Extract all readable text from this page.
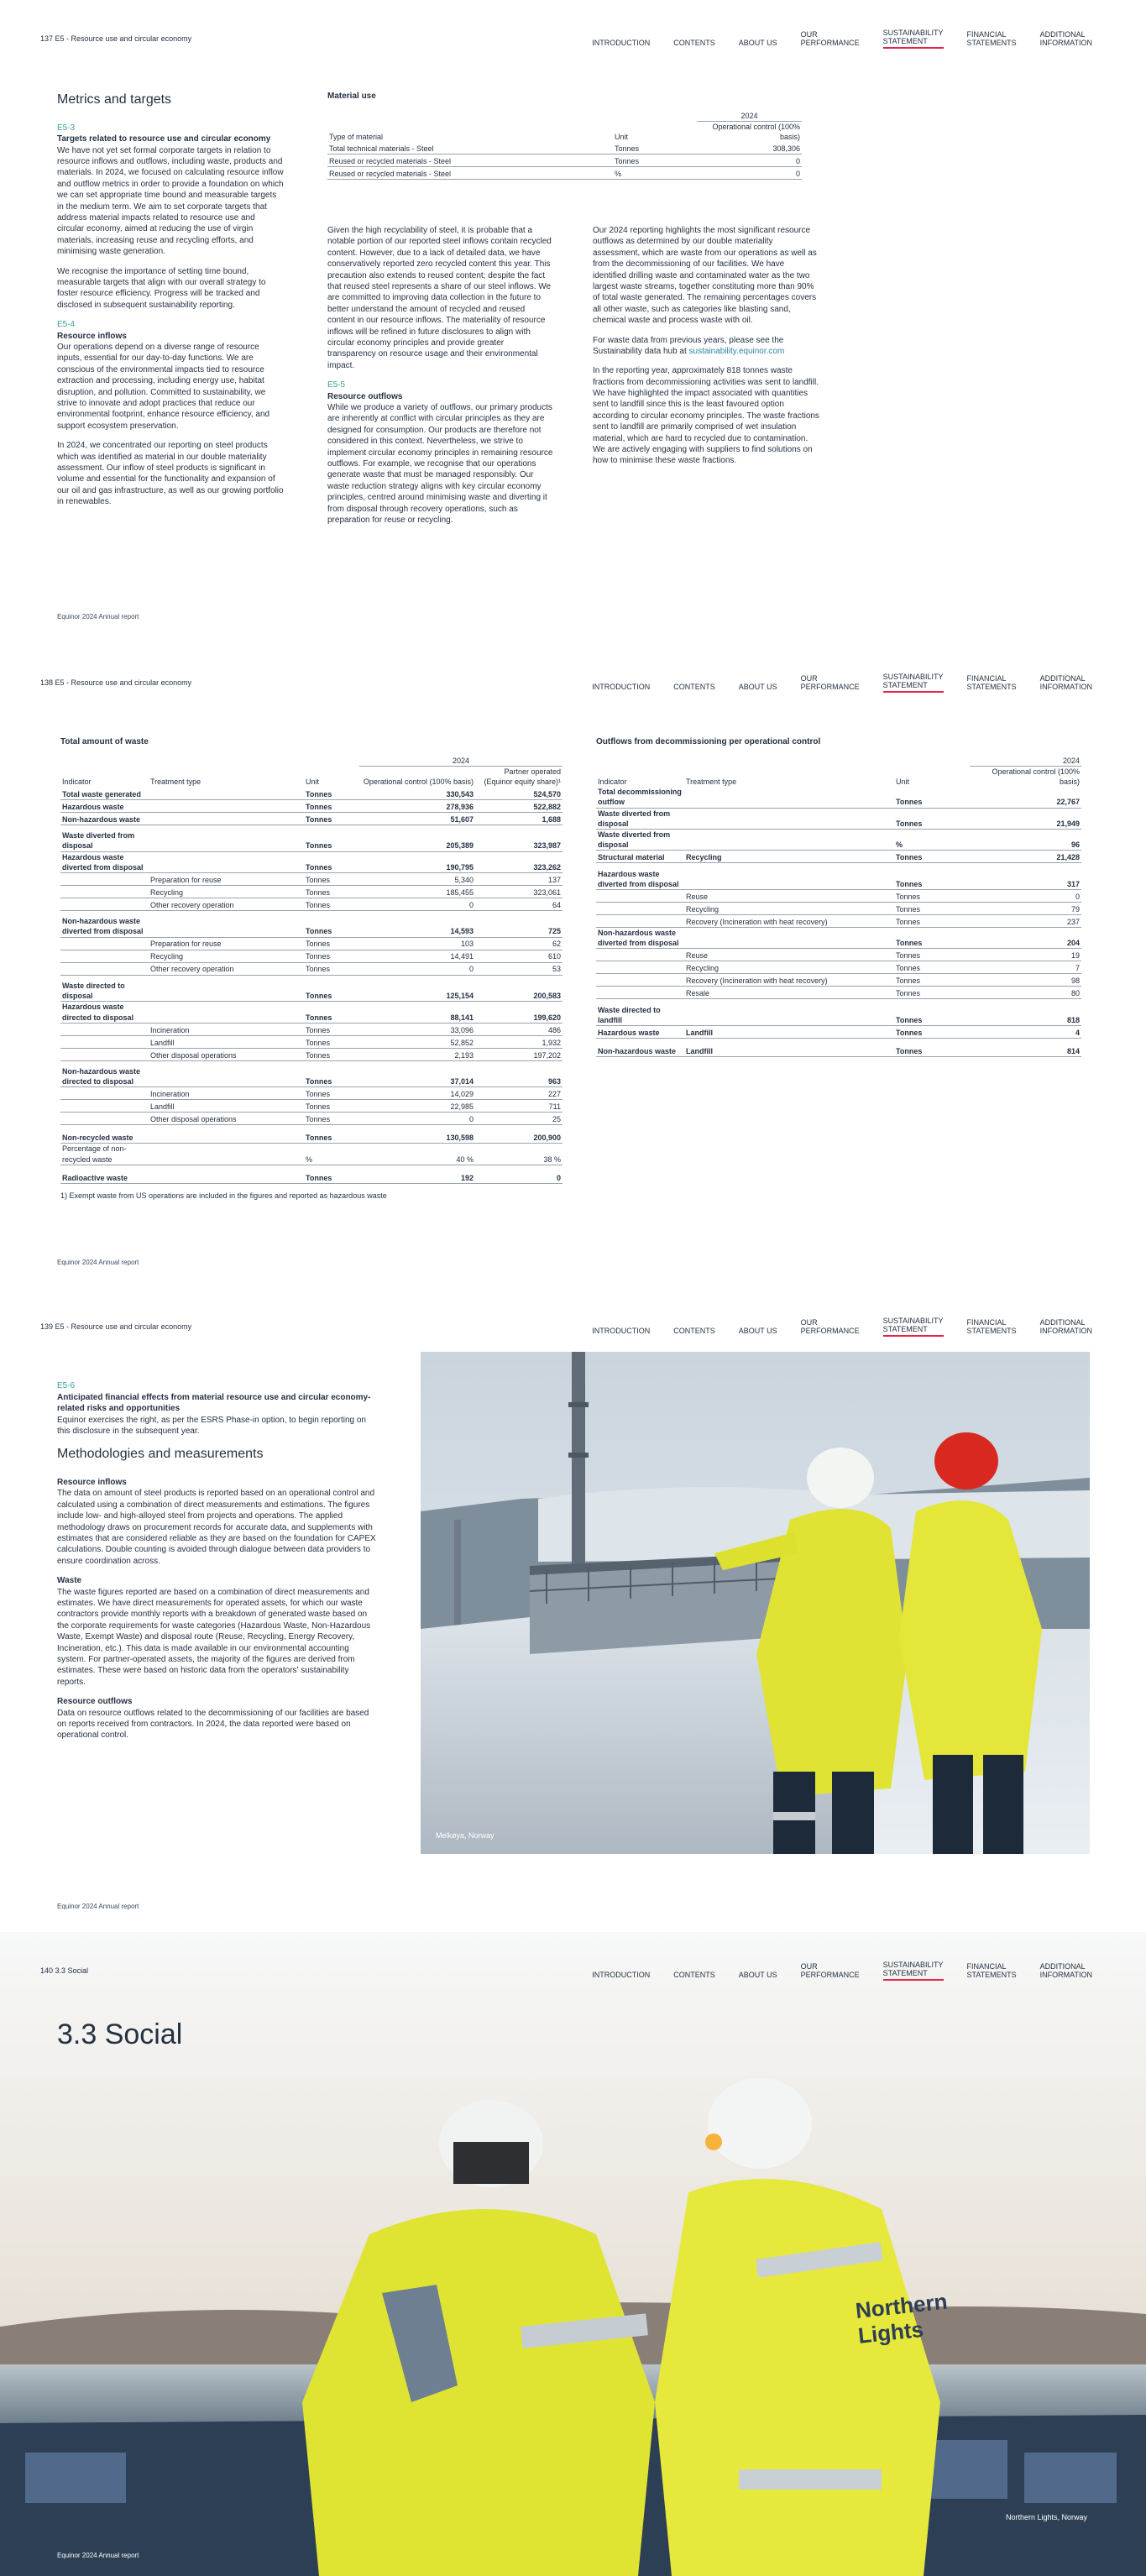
137 E5 - Resource use and circular economy	INTRODUCTION	CONTENTS	ABOUT US
OUR
PERFORMANCE
SUSTAINABILITY
STATEMENT
FINANCIAL
STATEMENTS
ADDITIONAL
INFORMATION
Metrics and targets
E5-3
Targets related to resource use and circular economy

We have not yet set formal corporate targets in relation to resource inflows and outflows, including waste, products and materials. In 2024, we focused on calculating resource inflow and outflow metrics in order to provide a foundation on which we can set appropriate time bound and measurable targets in the medium term. We aim to set corporate targets that address material impacts related to resource use and circular economy, aimed at reducing the use of virgin materials, increasing reuse and recycling efforts, and minimising waste generation.

We recognise the importance of setting time bound, measurable targets that align with our overall strategy to foster resource efficiency. Progress will be tracked and disclosed in subsequent sustainability reporting.

E5-4
Resource inflows

Our operations depend on a diverse range of resource inputs, essential for our day-to-day functions. We are conscious of the environmental impacts tied to resource extraction and processing, including energy use, habitat disruption, and pollution. Committed to sustainability, we strive to innovate and adopt practices that reduce our environmental footprint, enhance resource efficiency, and support ecosystem preservation.

In 2024, we concentrated our reporting on steel products which was identified as material in our double materiality assessment. Our inflow of steel products is significant in volume and essential for the functionality and expansion of our oil and gas infrastructure, as well as our growing portfolio in renewables.

Material use
		2024
Type of material	Unit	Operational control (100% basis)
Total technical materials - Steel	Tonnes	308,306
Reused or recycled materials - Steel	Tonnes	0
Reused or recycled materials - Steel	%	0

Given the high recyclability of steel, it is probable that a notable portion of our reported steel inflows contain recycled content. However, due to a lack of detailed data, we have conservatively reported zero recycled content this year. This precaution also extends to reused content; despite the fact that reused steel represents a share of our steel inflows. We are committed to improving data collection in the future to better understand the amount of recycled and reused content in our resource inflows. The materiality of resource inflows will be refined in future disclosures to align with circular economy principles and provide greater transparency on resource usage and their environmental impact.

E5-5
Resource outflows

While we produce a variety of outflows, our primary products are inherently at conflict with circular principles as they are designed for consumption. Our products are therefore not considered in this context. Nevertheless, we strive to implement circular economy principles in remaining resource outflows. For example, we recognise that our operations generate waste that must be managed responsibly. Our waste reduction strategy aligns with key circular economy principles, centred around minimising waste and diverting it from disposal through recovery operations, such as preparation for reuse or recycling.

Our 2024 reporting highlights the most significant resource outflows as determined by our double materiality assessment, which are waste from our operations as well as from the decommissioning of our facilities. We have identified drilling waste and contaminated water as the two largest waste streams, together constituting more than 90% of total waste generated. The remaining percentages covers all other waste, such as categories like blasting sand, chemical waste and process waste with oil.

For waste data from previous years, please see the Sustainability data hub at sustainability.equinor.com

In the reporting year, approximately 818 tonnes waste fractions from decommissioning activities was sent to landfill. We have highlighted the impact associated with quantities sent to landfill since this is the least favoured option according to circular economy principles. The waste fractions sent to landfill are primarily comprised of wet insulation material, which are hard to recycled due to contamination. We are actively engaging with suppliers to find solutions on how to minimise these waste fractions.

Equinor 2024 Annual report
138 E5 - Resource use and circular economy	INTRODUCTION	CONTENTS	ABOUT US
OUR
PERFORMANCE
SUSTAINABILITY
STATEMENT
FINANCIAL
STATEMENTS
ADDITIONAL
INFORMATION
Total amount of waste
			2024	
Indicator	Treatment type	Unit	Operational control (100% basis)	Partner operated (Equinor equity share)¹
Total waste generated		Tonnes	330,543	524,570
Hazardous waste		Tonnes	278,936	522,882
Non-hazardous waste		Tonnes	51,607	1,688

Waste diverted from disposal		Tonnes	205,389	323,987
Hazardous waste diverted from disposal		Tonnes	190,795	323,262
	Preparation for reuse	Tonnes	5,340	137
	Recycling	Tonnes	185,455	323,061
	Other recovery operation	Tonnes	0	64

Non-hazardous waste diverted from disposal		Tonnes	14,593	725
	Preparation for reuse	Tonnes	103	62
	Recycling	Tonnes	14,491	610
	Other recovery operation	Tonnes	0	53

Waste directed to disposal		Tonnes	125,154	200,583
Hazardous waste directed to disposal		Tonnes	88,141	199,620
	Incineration	Tonnes	33,096	486
	Landfill	Tonnes	52,852	1,932
	Other disposal operations	Tonnes	2,193	197,202

Non-hazardous waste directed to disposal		Tonnes	37,014	963
	Incineration	Tonnes	14,029	227
	Landfill	Tonnes	22,985	711
	Other disposal operations	Tonnes	0	25

Non-recycled waste		Tonnes	130,598	200,900
Percentage of non-recycled waste		%	40 %	38 %

Radioactive waste		Tonnes	192	0
1) Exempt waste from US operations are included in the figures and reported as hazardous waste
Outflows from decommissioning per operational control
			2024
Indicator	Treatment type	Unit	Operational control (100% basis)
Total decommissioning outflow		Tonnes	22,767
Waste diverted from disposal		Tonnes	21,949
Waste diverted from disposal		%	96
Structural material	Recycling	Tonnes	21,428

Hazardous waste diverted from disposal		Tonnes	317
	Reuse	Tonnes	0
	Recycling	Tonnes	79
	Recovery (Incineration with heat recovery)	Tonnes	237
Non-hazardous waste diverted from disposal		Tonnes	204
	Reuse	Tonnes	19
	Recycling	Tonnes	7
	Recovery (Incineration with heat recovery)	Tonnes	98
	Resale	Tonnes	80

Waste directed to landfill		Tonnes	818
Hazardous waste	Landfill	Tonnes	4

Non-hazardous waste	Landfill	Tonnes	814
Equinor 2024 Annual report
139 E5 - Resource use and circular economy	INTRODUCTION	CONTENTS	ABOUT US
OUR
PERFORMANCE
SUSTAINABILITY
STATEMENT
FINANCIAL
STATEMENTS
ADDITIONAL
INFORMATION
E5-6
Anticipated financial effects from material resource use and circular economy-related risks and opportunities

Equinor exercises the right, as per the ESRS Phase-in option, to begin reporting on this disclosure in the subsequent year.

Methodologies and measurements
Resource inflows

The data on amount of steel products is reported based on an operational control and calculated using a combination of direct measurements and estimations. The figures include low- and high-alloyed steel from projects and operations. The applied methodology draws on procurement records for accurate data, and supplements with estimates that are considered reliable as they are based on the foundation for CAPEX calculations. Double counting is avoided through dialogue between data providers to ensure coordination across.

Waste

The waste figures reported are based on a combination of direct measurements and estimates. We have direct measurements for operated assets, for which our waste contractors provide monthly reports with a breakdown of generated waste based on the corporate requirements for waste categories (Hazardous Waste, Non-Hazardous Waste, Exempt Waste) and disposal route (Reuse, Recycling, Energy Recovery, Incineration, etc.). This data is made available in our environmental accounting system. For partner-operated assets, the majority of the figures are derived from estimates. These were based on historic data from the operators' sustainability reports.

Resource outflows

Data on resource outflows related to the decommissioning of our facilities are based on reports received from contractors. In 2024, the data reported were based on operational control.

Melkøya, Norway
Equinor 2024 Annual report
NorthernLights
Northern Lights, Norway
140 3.3 Social	INTRODUCTION	CONTENTS	ABOUT US
OUR
PERFORMANCE
SUSTAINABILITY
STATEMENT
FINANCIAL
STATEMENTS
ADDITIONAL
INFORMATION
3.3 Social
Equinor 2024 Annual report
